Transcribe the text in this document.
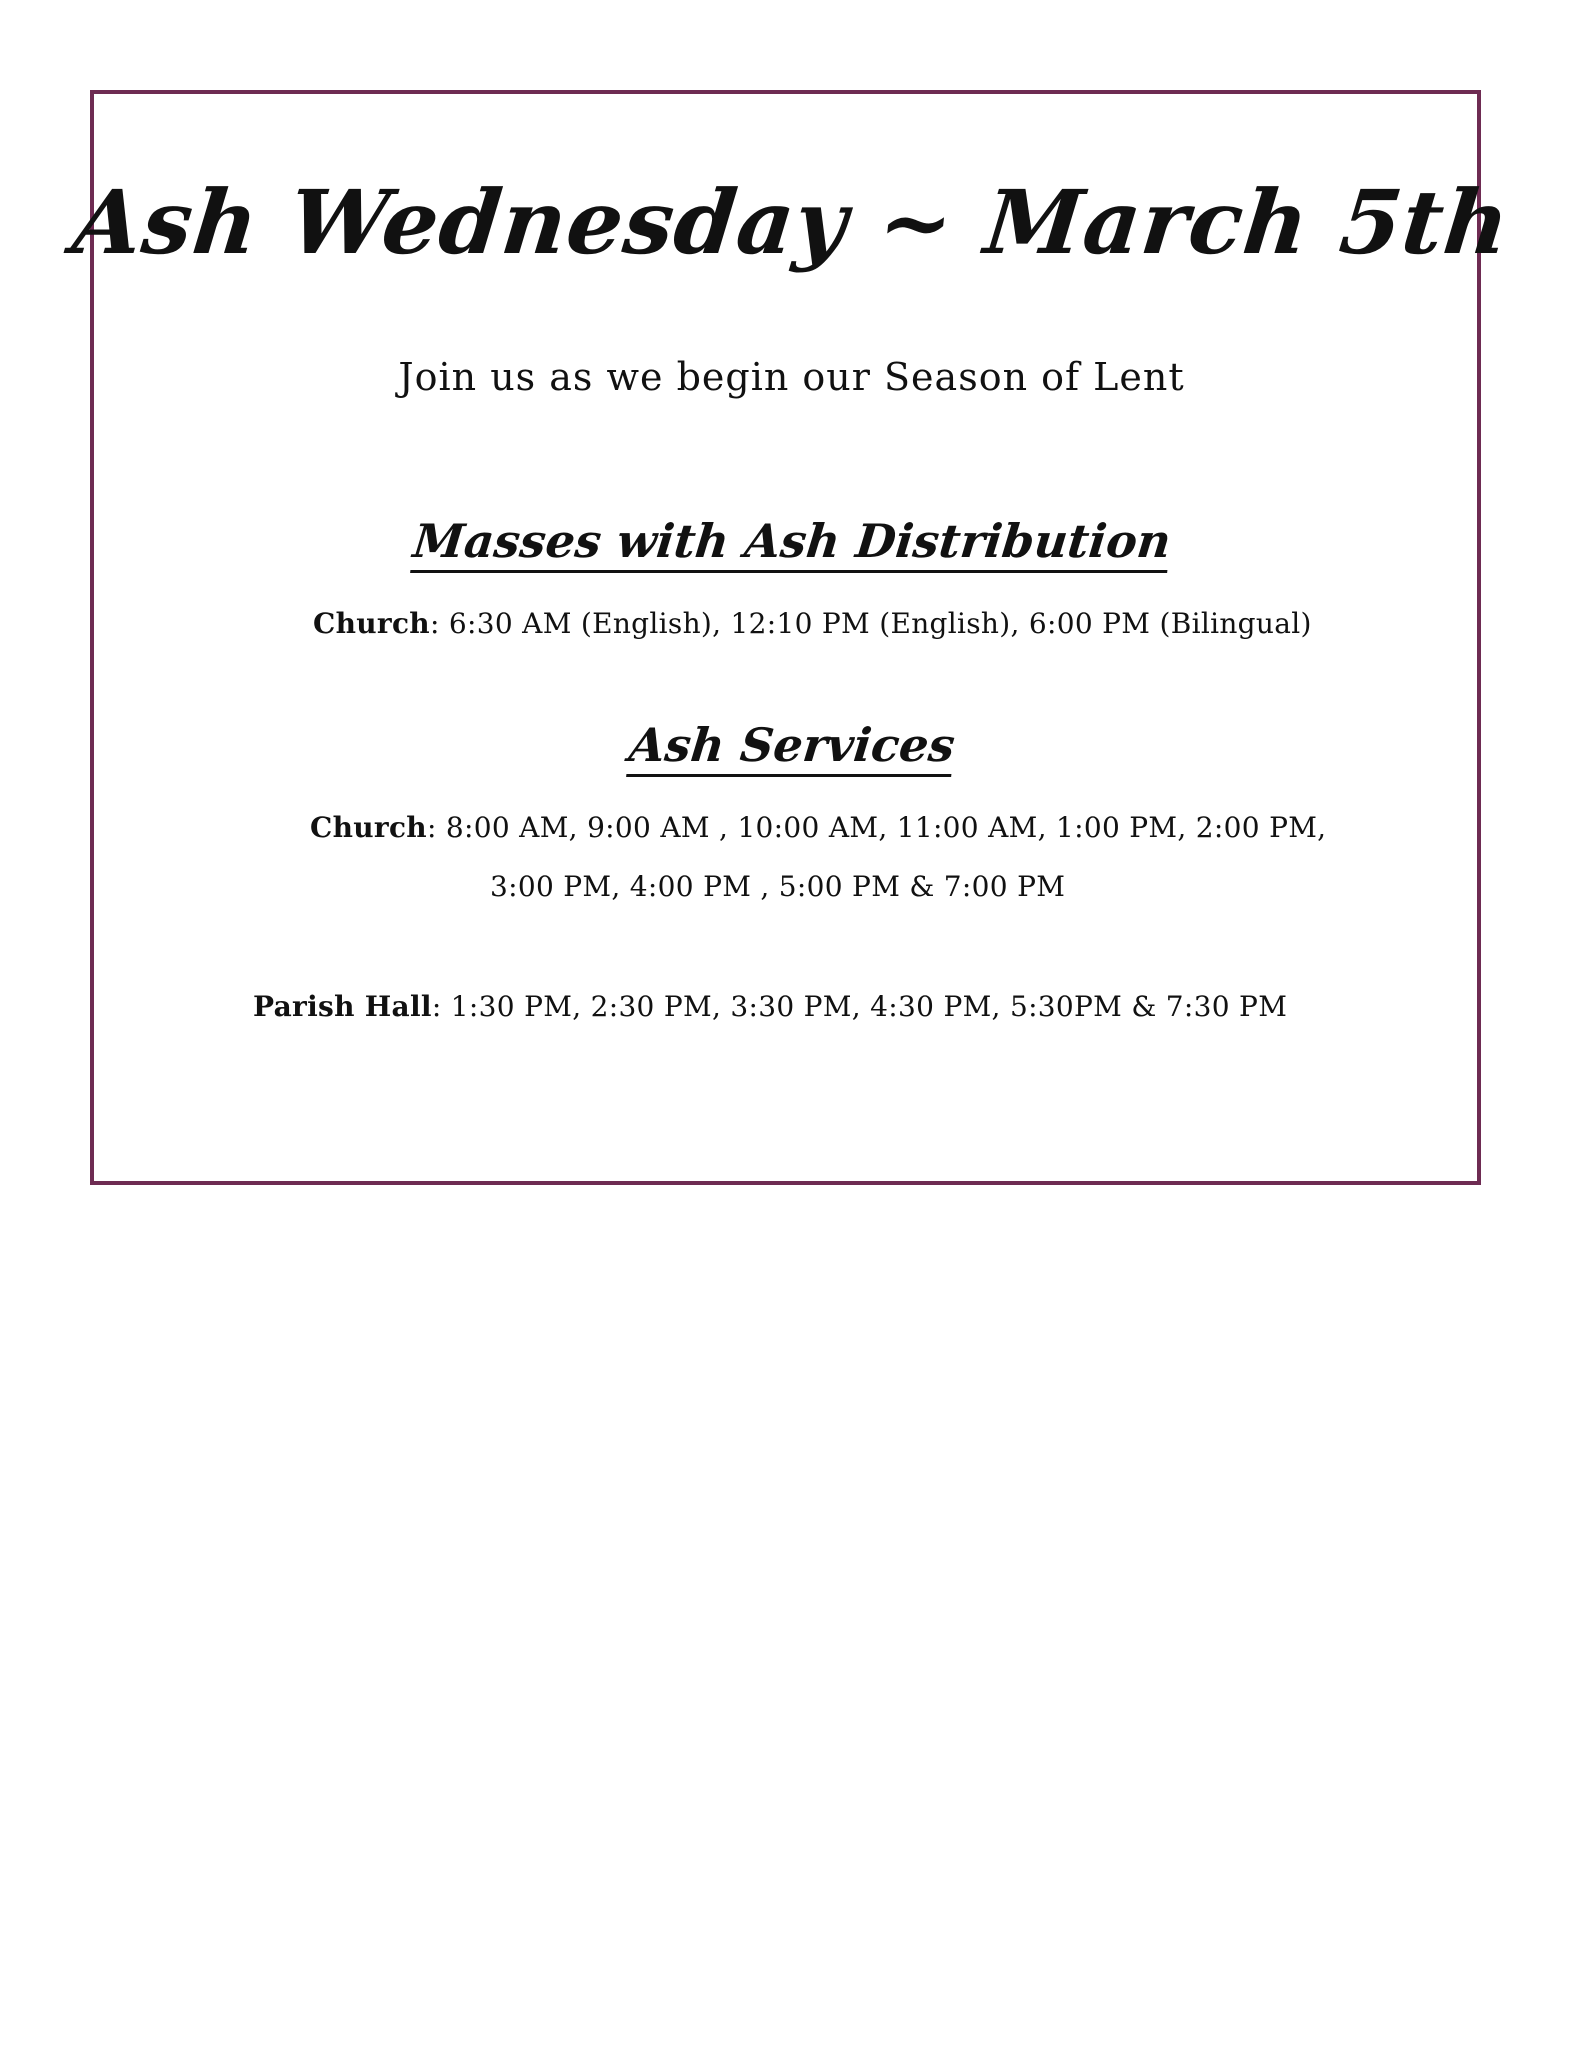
Ash Wednesday ~ March 5th
Join us as we begin our Season of Lent
Masses with Ash Distribution
Church: 6:30 AM (English), 12:10 PM (English), 6:00 PM (Bilingual)
Ash Services
Church: 8:00 AM, 9:00 AM , 10:00 AM, 11:00 AM, 1:00 PM, 2:00 PM,
3:00 PM, 4:00 PM , 5:00 PM & 7:00 PM
Parish Hall: 1:30 PM, 2:30 PM, 3:30 PM, 4:30 PM, 5:30PM & 7:30 PM
